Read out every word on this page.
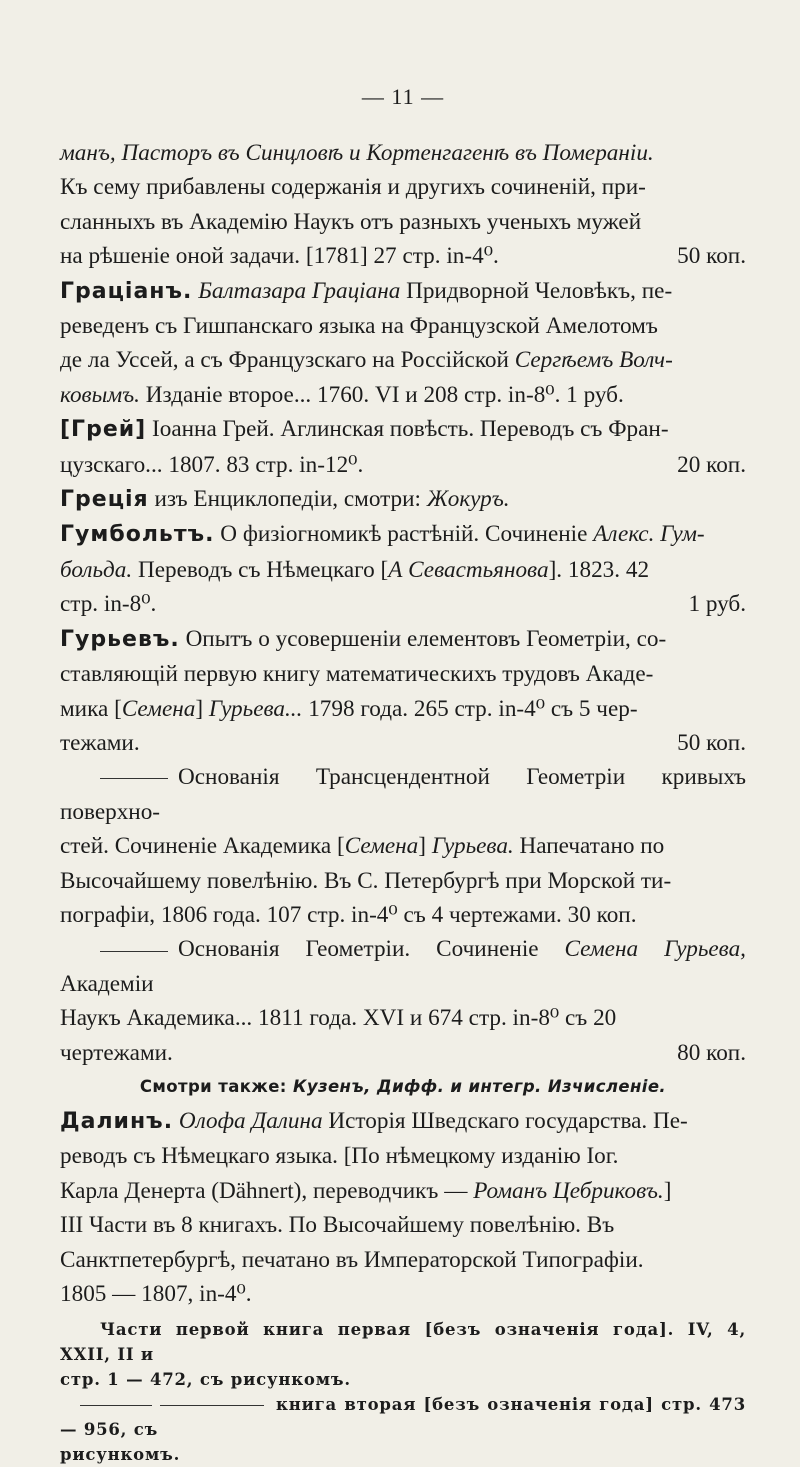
— 11 —

манъ, Пасторъ въ Синцловѣ и Кортенгагенѣ въ Помераніи.
Къ сему прибавлены содержанія и другихъ сочиненій, при-
сланныхъ въ Академію Наукъ отъ разныхъ ученыхъ мужей
на рѣшеніе оной задачи. [1781] 27 стр. in-4⁰.	50 коп.

Граціанъ. Балтазара Граціана Придворной Человѣкъ, пе-
реведенъ съ Гишпанскаго языка на Французской Амелотомъ
де ла Уссей, а съ Французскаго на Россійской Сергѣемъ Волч-
ковымъ. Изданіе второе... 1760. VI и 208 стр. in-8⁰. 1 руб.

[Грей] Іоанна Грей. Аглинская повѣсть. Переводъ съ Фран-
цузскаго... 1807. 83 стр. in-12⁰.	20 коп.

Греція изъ Енциклопедіи, смотри: Жокуръ.

Гумбольтъ. О физіогномикѣ растѣній. Сочиненіе Алекс. Гум-
больда. Переводъ съ Нѣмецкаго [А Севастьянова]. 1823. 42
стр. in-8⁰.	1 руб.

Гурьевъ. Опытъ о усовершеніи елементовъ Геометріи, со-
ставляющій первую книгу математическихъ трудовъ Акаде-
мика [Семена] Гурьева... 1798 года. 265 стр. in-4⁰ съ 5 чер-
тежами.	50 коп.

Основанія Трансцендентной Геометріи кривыхъ поверхно-
стей. Сочиненіе Академика [Семена] Гурьева. Напечатано по
Высочайшему повелѣнію. Въ С. Петербургѣ при Морской ти-
пографіи, 1806 года. 107 стр. in-4⁰ съ 4 чертежами. 30 коп.

Основанія Геометріи. Сочиненіе Семена Гурьева, Академіи
Наукъ Академика... 1811 года. XVI и 674 стр. in-8⁰ съ 20
чертежами.	80 коп.

Смотри также: Кузенъ, Дифф. и интегр. Изчисленіе.

Далинъ. Олофа Далина Исторія Шведскаго государства. Пе-
реводъ съ Нѣмецкаго языка. [По нѣмецкому изданію Іог.
Карла Денерта (Dähnert), переводчикъ — Романъ Цебриковъ.]
III Части въ 8 книгахъ. По Высочайшему повелѣнію. Въ
Санктпетербургѣ, печатано въ Императорской Типографіи.
1805 — 1807, in-4⁰.

Части первой книга первая [безъ означенія года]. IV, 4, XXII, II и
стр. 1 — 472, съ рисункомъ.
книга вторая [безъ означенія года] стр. 473 — 956, съ
рисункомъ.
